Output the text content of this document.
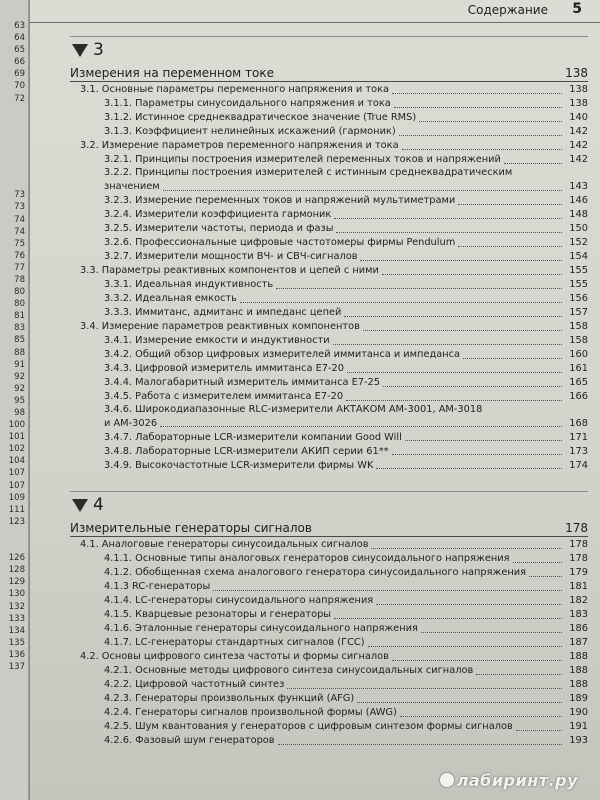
63
64
65
66
69
70
72
73
73
74
74
75
76
77
78
80
80
81
83
85
88
91
92
92
95
98
100
101
102
104
107
107
109
111
123
126
128
129
130
132
133
134
135
136
137
Содержание 5
3
Измерения на переменном токе	138
3.1. Основные параметры переменного напряжения и тока	138
3.1.1. Параметры синусоидального напряжения и тока	138
3.1.2. Истинное среднеквадратическое значение (True RMS)	140
3.1.3. Коэффициент нелинейных искажений (гармоник)	142
3.2. Измерение параметров переменного напряжения и тока	142
3.2.1. Принципы построения измерителей переменных токов и напряжений	142
3.2.2. Принципы построения измерителей с истинным среднеквадратическим
значением	143
3.2.3. Измерение переменных токов и напряжений мультиметрами	146
3.2.4. Измерители коэффициента гармоник	148
3.2.5. Измерители частоты, периода и фазы	150
3.2.6. Профессиональные цифровые частотомеры фирмы Pendulum	152
3.2.7. Измерители мощности ВЧ- и СВЧ-сигналов	154
3.3. Параметры реактивных компонентов и цепей с ними	155
3.3.1. Идеальная индуктивность	155
3.3.2. Идеальная емкость	156
3.3.3. Иммитанс, адмитанс и импеданс цепей	157
3.4. Измерение параметров реактивных компонентов	158
3.4.1. Измерение емкости и индуктивности	158
3.4.2. Общий обзор цифровых измерителей иммитанса и импеданса	160
3.4.3. Цифровой измеритель иммитанса Е7-20	161
3.4.4. Малогабаритный измеритель иммитанса Е7-25	165
3.4.5. Работа с измерителем иммитанса Е7-20	166
3.4.6. Широкодиапазонные RLC-измерители АКТАКОМ АМ-3001, АМ-3018
и АМ-3026	168
3.4.7. Лабораторные LCR-измерители компании Good Will	171
3.4.8. Лабораторные LCR-измерители АКИП серии 61**	173
3.4.9. Высокочастотные LCR-измерители фирмы WK	174
4
Измерительные генераторы сигналов	178
4.1. Аналоговые генераторы синусоидальных сигналов	178
4.1.1. Основные типы аналоговых генераторов синусоидального напряжения	178
4.1.2. Обобщенная схема аналогового генератора синусоидального напряжения	179
4.1.3 RC-генераторы	181
4.1.4. LC-генераторы синусоидального напряжения	182
4.1.5. Кварцевые резонаторы и генераторы	183
4.1.6. Эталонные генераторы синусоидального напряжения	186
4.1.7. LC-генераторы стандартных сигналов (ГСС)	187
4.2. Основы цифрового синтеза частоты и формы сигналов	188
4.2.1. Основные методы цифрового синтеза синусоидальных сигналов	188
4.2.2. Цифровой частотный синтез	188
4.2.3. Генераторы произвольных функций (AFG)	189
4.2.4. Генераторы сигналов произвольной формы (AWG)	190
4.2.5. Шум квантования у генераторов с цифровым синтезом формы сигналов	191
4.2.6. Фазовый шум генераторов	193
лабиринт.ру
